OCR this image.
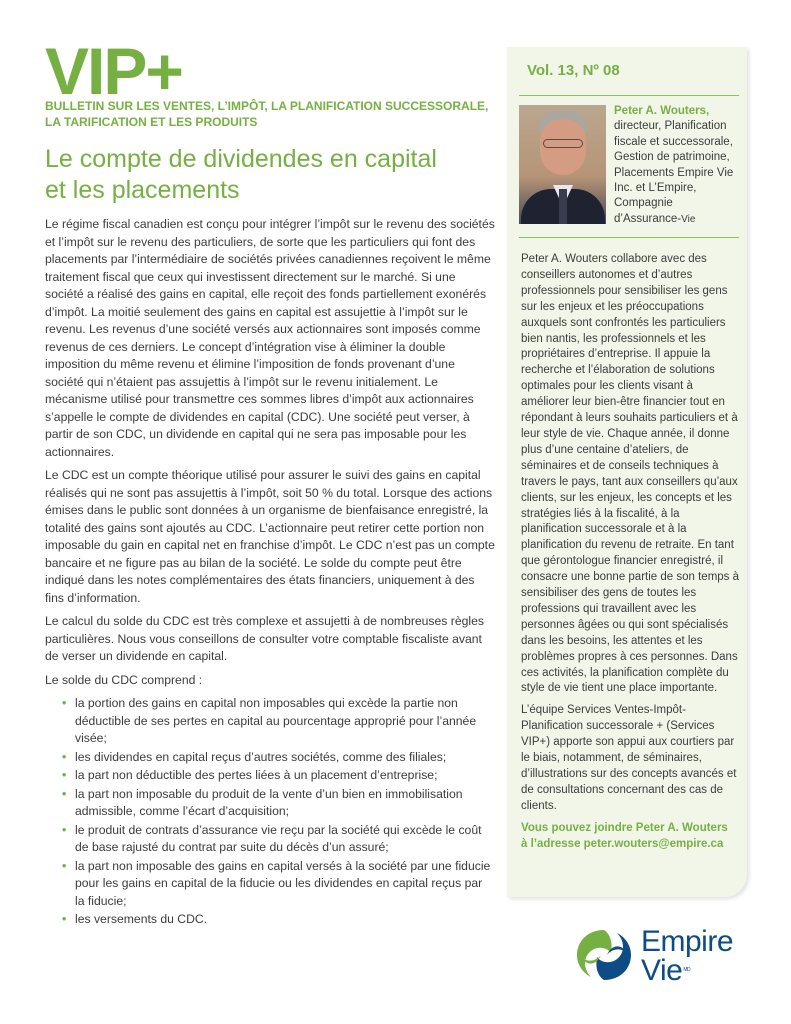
VIP+
BULLETIN SUR LES VENTES, L’IMPÔT, LA PLANIFICATION SUCCESSORALE,
LA TARIFICATION ET LES PRODUITS
Le compte de dividendes en capital
et les placements

Le régime fiscal canadien est conçu pour intégrer l’impôt sur le revenu des sociétés et l’impôt sur le revenu des particuliers, de sorte que les particuliers qui font des placements par l’intermédiaire de sociétés privées canadiennes reçoivent le même traitement fiscal que ceux qui investissent directement sur le marché. Si une société a réalisé des gains en capital, elle reçoit des fonds partiellement exonérés d’impôt. La moitié seulement des gains en capital est assujettie à l’impôt sur le revenu. Les revenus d’une société versés aux actionnaires sont imposés comme revenus de ces derniers. Le concept d’intégration vise à éliminer la double imposition du même revenu et élimine l’imposition de fonds provenant d’une société qui n’étaient pas assujettis à l’impôt sur le revenu initialement. Le mécanisme utilisé pour transmettre ces sommes libres d’impôt aux actionnaires s’appelle le compte de dividendes en capital (CDC). Une société peut verser, à partir de son CDC, un dividende en capital qui ne sera pas imposable pour les actionnaires.

Le CDC est un compte théorique utilisé pour assurer le suivi des gains en capital réalisés qui ne sont pas assujettis à l’impôt, soit 50 % du total. Lorsque des actions émises dans le public sont données à un organisme de bienfaisance enregistré, la totalité des gains sont ajoutés au CDC. L’actionnaire peut retirer cette portion non imposable du gain en capital net en franchise d’impôt. Le CDC n’est pas un compte bancaire et ne figure pas au bilan de la société. Le solde du compte peut être indiqué dans les notes complémentaires des états financiers, uniquement à des fins d’information.

Le calcul du solde du CDC est très complexe et assujetti à de nombreuses règles particulières. Nous vous conseillons de consulter votre comptable fiscaliste avant de verser un dividende en capital.

Le solde du CDC comprend :

• la portion des gains en capital non imposables qui excède la partie non déductible de ses pertes en capital au pourcentage approprié pour l’année visée;
• les dividendes en capital reçus d’autres sociétés, comme des filiales;
• la part non déductible des pertes liées à un placement d’entreprise;
• la part non imposable du produit de la vente d’un bien en immobilisation admissible, comme l’écart d’acquisition;
• le produit de contrats d’assurance vie reçu par la société qui excède le coût de base rajusté du contrat par suite du décès d’un assuré;
• la part non imposable des gains en capital versés à la société par une fiducie pour les gains en capital de la fiducie ou les dividendes en capital reçus par la fiducie;
• les versements du CDC.
Vol. 13, Nº 08
Peter A. Wouters, directeur, Planification fiscale et successorale, Gestion de patrimoine, Placements Empire Vie Inc. et L’Empire, Compagnie d’Assurance-Vie

Peter A. Wouters collabore avec des conseillers autonomes et d’autres professionnels pour sensibiliser les gens sur les enjeux et les préoccupations auxquels sont confrontés les particuliers bien nantis, les professionnels et les propriétaires d’entreprise. Il appuie la recherche et l’élaboration de solutions optimales pour les clients visant à améliorer leur bien-être financier tout en répondant à leurs souhaits particuliers et à leur style de vie. Chaque année, il donne plus d’une centaine d’ateliers, de séminaires et de conseils techniques à travers le pays, tant aux conseillers qu’aux clients, sur les enjeux, les concepts et les stratégies liés à la fiscalité, à la planification successorale et à la planification du revenu de retraite. En tant que gérontologue financier enregistré, il consacre une bonne partie de son temps à sensibiliser des gens de toutes les professions qui travaillent avec les personnes âgées ou qui sont spécialisés dans les besoins, les attentes et les problèmes propres à ces personnes. Dans ces activités, la planification complète du style de vie tient une place importante.

L’équipe Services Ventes-Impôt-Planification successorale + (Services VIP+) apporte son appui aux courtiers par le biais, notamment, de séminaires, d’illustrations sur des concepts avancés et de consultations concernant des cas de clients.

Vous pouvez joindre Peter A. Wouters
à l’adresse peter.wouters@empire.ca
Empire
Vie$^{MD}$
